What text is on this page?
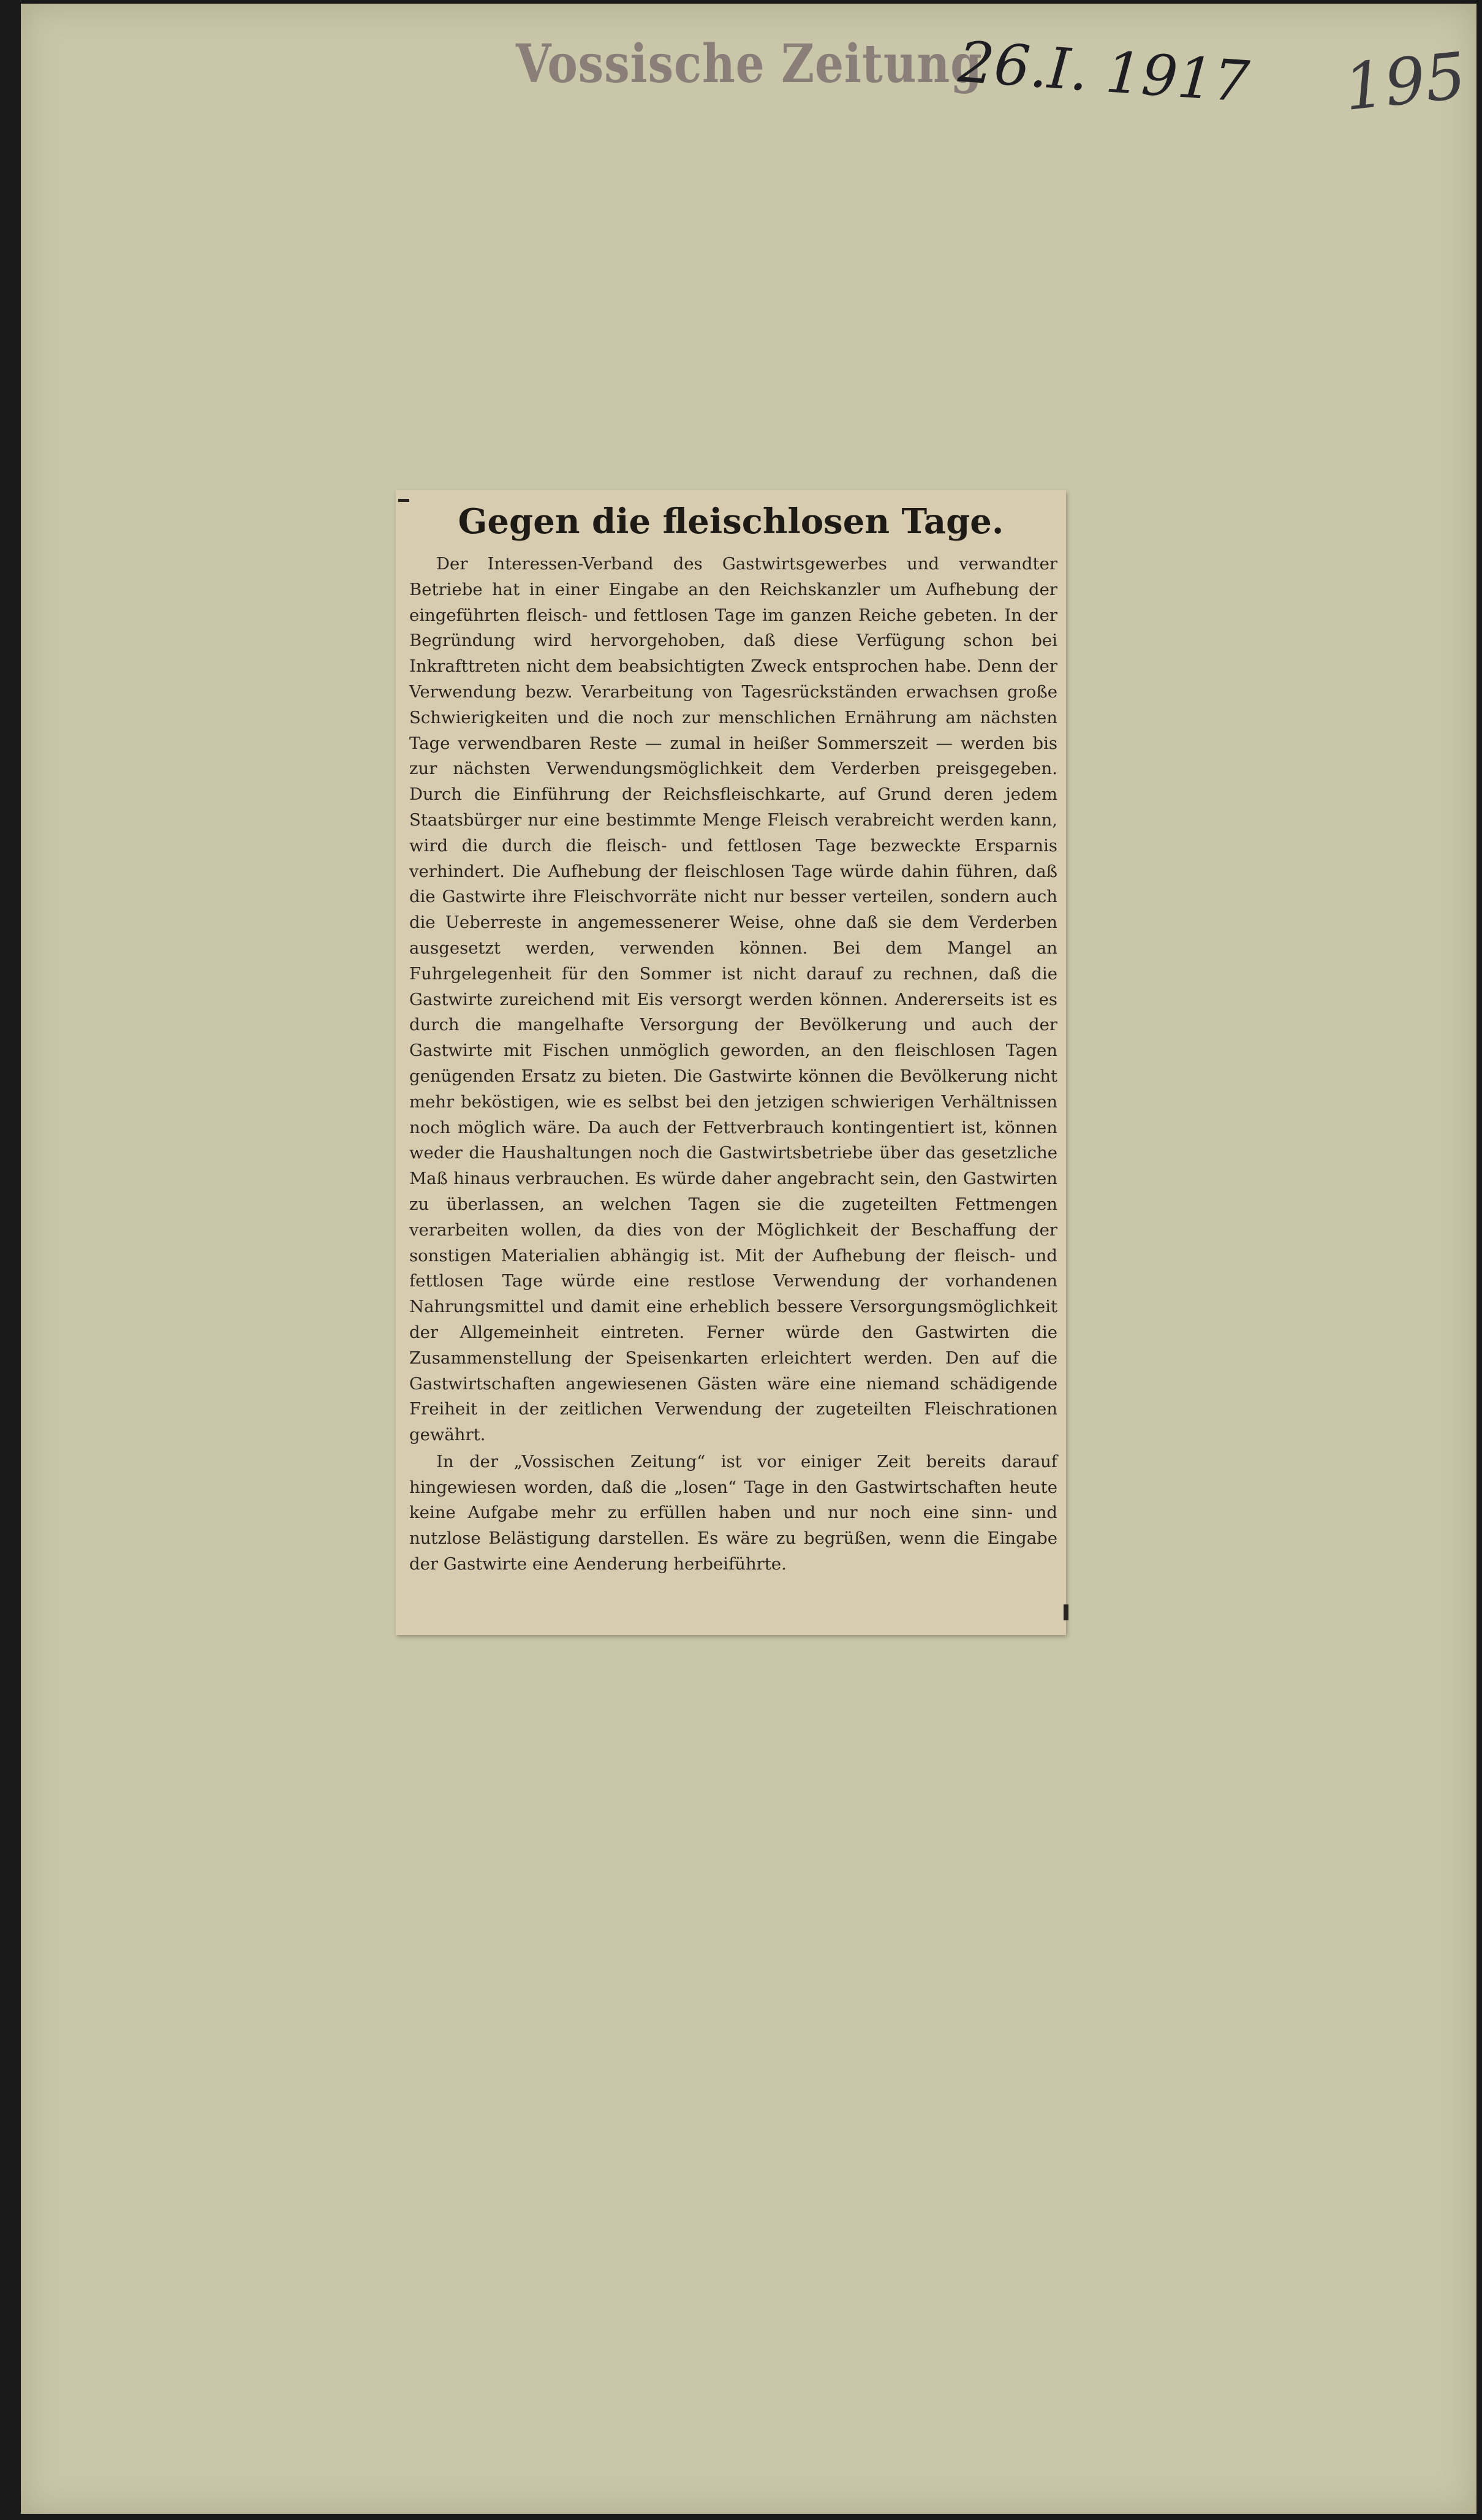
Vossische Zeitung
26.I. 1917 195
Gegen die fleischlosen Tage.

Der Interessen-Verband des Gastwirtsgewerbes und verwandter Betriebe hat in einer Eingabe an den Reichskanzler um Aufhebung der eingeführten fleisch- und fettlosen Tage im ganzen Reiche gebeten. In der Begründung wird hervorgehoben, daß diese Verfügung schon bei Inkrafttreten nicht dem beabsichtigten Zweck entsprochen habe. Denn der Verwendung bezw. Verarbeitung von Tagesrückständen erwachsen große Schwierigkeiten und die noch zur menschlichen Ernährung am nächsten Tage verwendbaren Reste — zumal in heißer Sommerszeit — werden bis zur nächsten Verwendungsmöglichkeit dem Verderben preisgegeben. Durch die Einführung der Reichsfleischkarte, auf Grund deren jedem Staatsbürger nur eine bestimmte Menge Fleisch verabreicht werden kann, wird die durch die fleisch- und fettlosen Tage bezweckte Ersparnis verhindert. Die Aufhebung der fleischlosen Tage würde dahin führen, daß die Gastwirte ihre Fleischvorräte nicht nur besser verteilen, sondern auch die Ueberreste in angemessenerer Weise, ohne daß sie dem Verderben ausgesetzt werden, verwenden können. Bei dem Mangel an Fuhrgelegenheit für den Sommer ist nicht darauf zu rechnen, daß die Gastwirte zureichend mit Eis versorgt werden können. Andererseits ist es durch die mangelhafte Versorgung der Bevölkerung und auch der Gastwirte mit Fischen unmöglich geworden, an den fleischlosen Tagen genügenden Ersatz zu bieten. Die Gastwirte können die Bevölkerung nicht mehr beköstigen, wie es selbst bei den jetzigen schwierigen Verhältnissen noch möglich wäre. Da auch der Fettverbrauch kontingentiert ist, können weder die Haushaltungen noch die Gastwirtsbetriebe über das gesetzliche Maß hinaus verbrauchen. Es würde daher angebracht sein, den Gastwirten zu überlassen, an welchen Tagen sie die zugeteilten Fettmengen verarbeiten wollen, da dies von der Möglichkeit der Beschaffung der sonstigen Materialien abhängig ist. Mit der Aufhebung der fleisch- und fettlosen Tage würde eine restlose Verwendung der vorhandenen Nahrungsmittel und damit eine erheblich bessere Versorgungsmöglichkeit der Allgemeinheit eintreten. Ferner würde den Gastwirten die Zusammenstellung der Speisenkarten erleichtert werden. Den auf die Gastwirtschaften angewiesenen Gästen wäre eine niemand schädigende Freiheit in der zeitlichen Verwendung der zugeteilten Fleischrationen gewährt.

In der „Vossischen Zeitung“ ist vor einiger Zeit bereits darauf hingewiesen worden, daß die „losen“ Tage in den Gastwirtschaften heute keine Aufgabe mehr zu erfüllen haben und nur noch eine sinn- und nutzlose Belästigung darstellen. Es wäre zu begrüßen, wenn die Eingabe der Gastwirte eine Aenderung herbeiführte.
